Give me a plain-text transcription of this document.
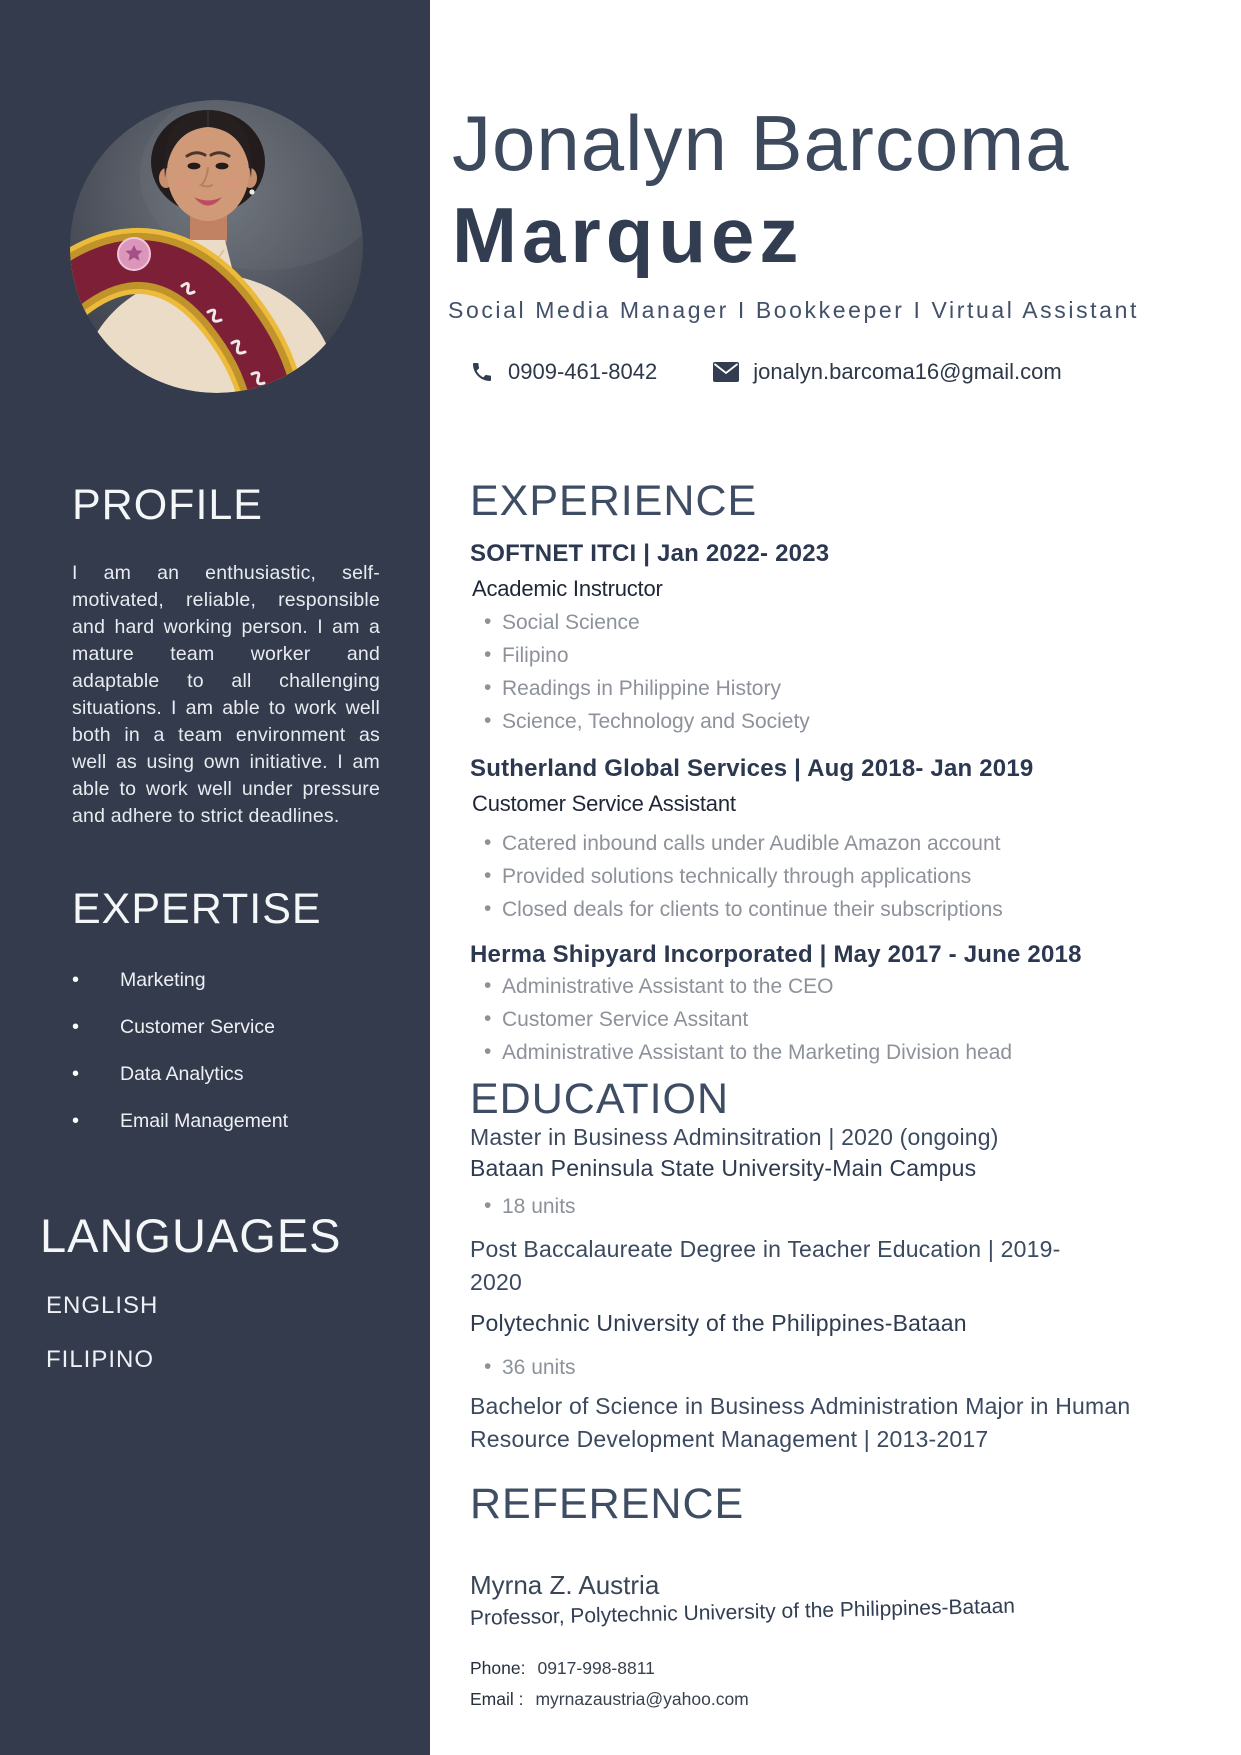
PROFILE

I am an enthusiastic, self-motivated, reliable, responsible and hard working person. I am a mature team worker and adaptable to all challenging situations. I am able to work well both in a team environment as well as using own initiative. I am able to work well under pressure and adhere to strict deadlines.

EXPERTISE
• Marketing
• Customer Service
• Data Analytics
• Email Management
LANGUAGES

ENGLISH

FILIPINO

Jonalyn Barcoma
Marquez

Social Media Manager I Bookkeeper I Virtual Assistant

0909-461-8042	jonalyn.barcoma16@gmail.com
EXPERIENCE
SOFTNET ITCI | Jan 2022- 2023

Academic Instructor

• Social Science
• Filipino
• Readings in Philippine History
• Science, Technology and Society
Sutherland Global Services | Aug 2018- Jan 2019

Customer Service Assistant

• Catered inbound calls under Audible Amazon account
• Provided solutions technically through applications
• Closed deals for clients to continue their subscriptions
Herma Shipyard Incorporated | May 2017 - June 2018
• Administrative Assistant to the CEO
• Customer Service Assitant
• Administrative Assistant to the Marketing Division head
EDUCATION

Master in Business Adminsitration | 2020 (ongoing)

Bataan Peninsula State University-Main Campus

• 18 units

Post Baccalaureate Degree in Teacher Education | 2019-2020

Polytechnic University of the Philippines-Bataan

• 36 units

Bachelor of Science in Business Administration Major in Human Resource Development Management | 2013-2017

REFERENCE

Myrna Z. Austria

Professor, Polytechnic University of the Philippines-Bataan

Phone: 0917-998-8811

Email : myrnazaustria@yahoo.com
